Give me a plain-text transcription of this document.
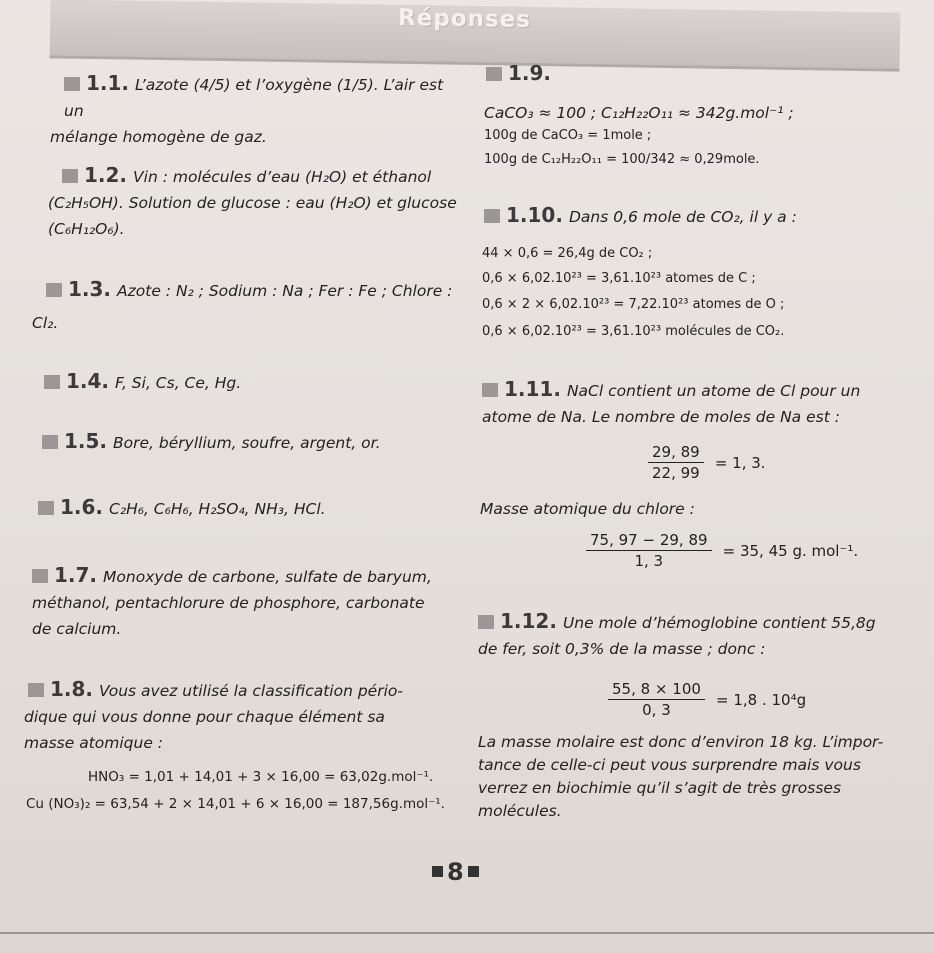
Réponses
1.1. L’azote (4/5) et l’oxygène (1/5). L’air est un
mélange homogène de gaz.
1.2. Vin : molécules d’eau (H₂O) et éthanol
(C₂H₅OH). Solution de glucose : eau (H₂O) et glucose
(C₆H₁₂O₆).
1.3. Azote : N₂ ; Sodium : Na ; Fer : Fe ; Chlore :
Cl₂.
1.4. F, Si, Cs, Ce, Hg.
1.5. Bore, béryllium, soufre, argent, or.
1.6. C₂H₆, C₆H₆, H₂SO₄, NH₃, HCl.
1.7. Monoxyde de carbone, sulfate de baryum,
méthanol, pentachlorure de phosphore, carbonate
de calcium.
1.8. Vous avez utilisé la classification pério-
dique qui vous donne pour chaque élément sa
masse atomique :
HNO₃ = 1,01 + 14,01 + 3 × 16,00 = 63,02g.mol⁻¹.
Cu (NO₃)₂ = 63,54 + 2 × 14,01 + 6 × 16,00 = 187,56g.mol⁻¹.
1.9.
CaCO₃ ≈ 100 ; C₁₂H₂₂O₁₁ ≈ 342g.mol⁻¹ ;
100g de CaCO₃ = 1mole ;
100g de C₁₂H₂₂O₁₁ = 100/342 ≈ 0,29mole.
1.10. Dans 0,6 mole de CO₂, il y a :
44 × 0,6 = 26,4g de CO₂ ;
0,6 × 6,02.10²³ = 3,61.10²³ atomes de C ;
0,6 × 2 × 6,02.10²³ = 7,22.10²³ atomes de O ;
0,6 × 6,02.10²³ = 3,61.10²³ molécules de CO₂.
1.11. NaCl contient un atome de Cl pour un
atome de Na. Le nombre de moles de Na est :
$\frac{29, 89}{22, 99} = 1$, 3.
Masse atomique du chlore :
$\frac{75, 97 - 29, 89}{1, 3} = 35$, 45 g. mol⁻¹.
1.12. Une mole d’hémoglobine contient 55,8g
de fer, soit 0,3% de la masse ; donc :
$\frac{55, 8 \times 100}{0, 3} = 1,8$ . 10⁴g
La masse molaire est donc d’environ 18 kg. L’impor-
tance de celle-ci peut vous surprendre mais vous
verrez en biochimie qu’il s’agit de très grosses
molécules.
8
